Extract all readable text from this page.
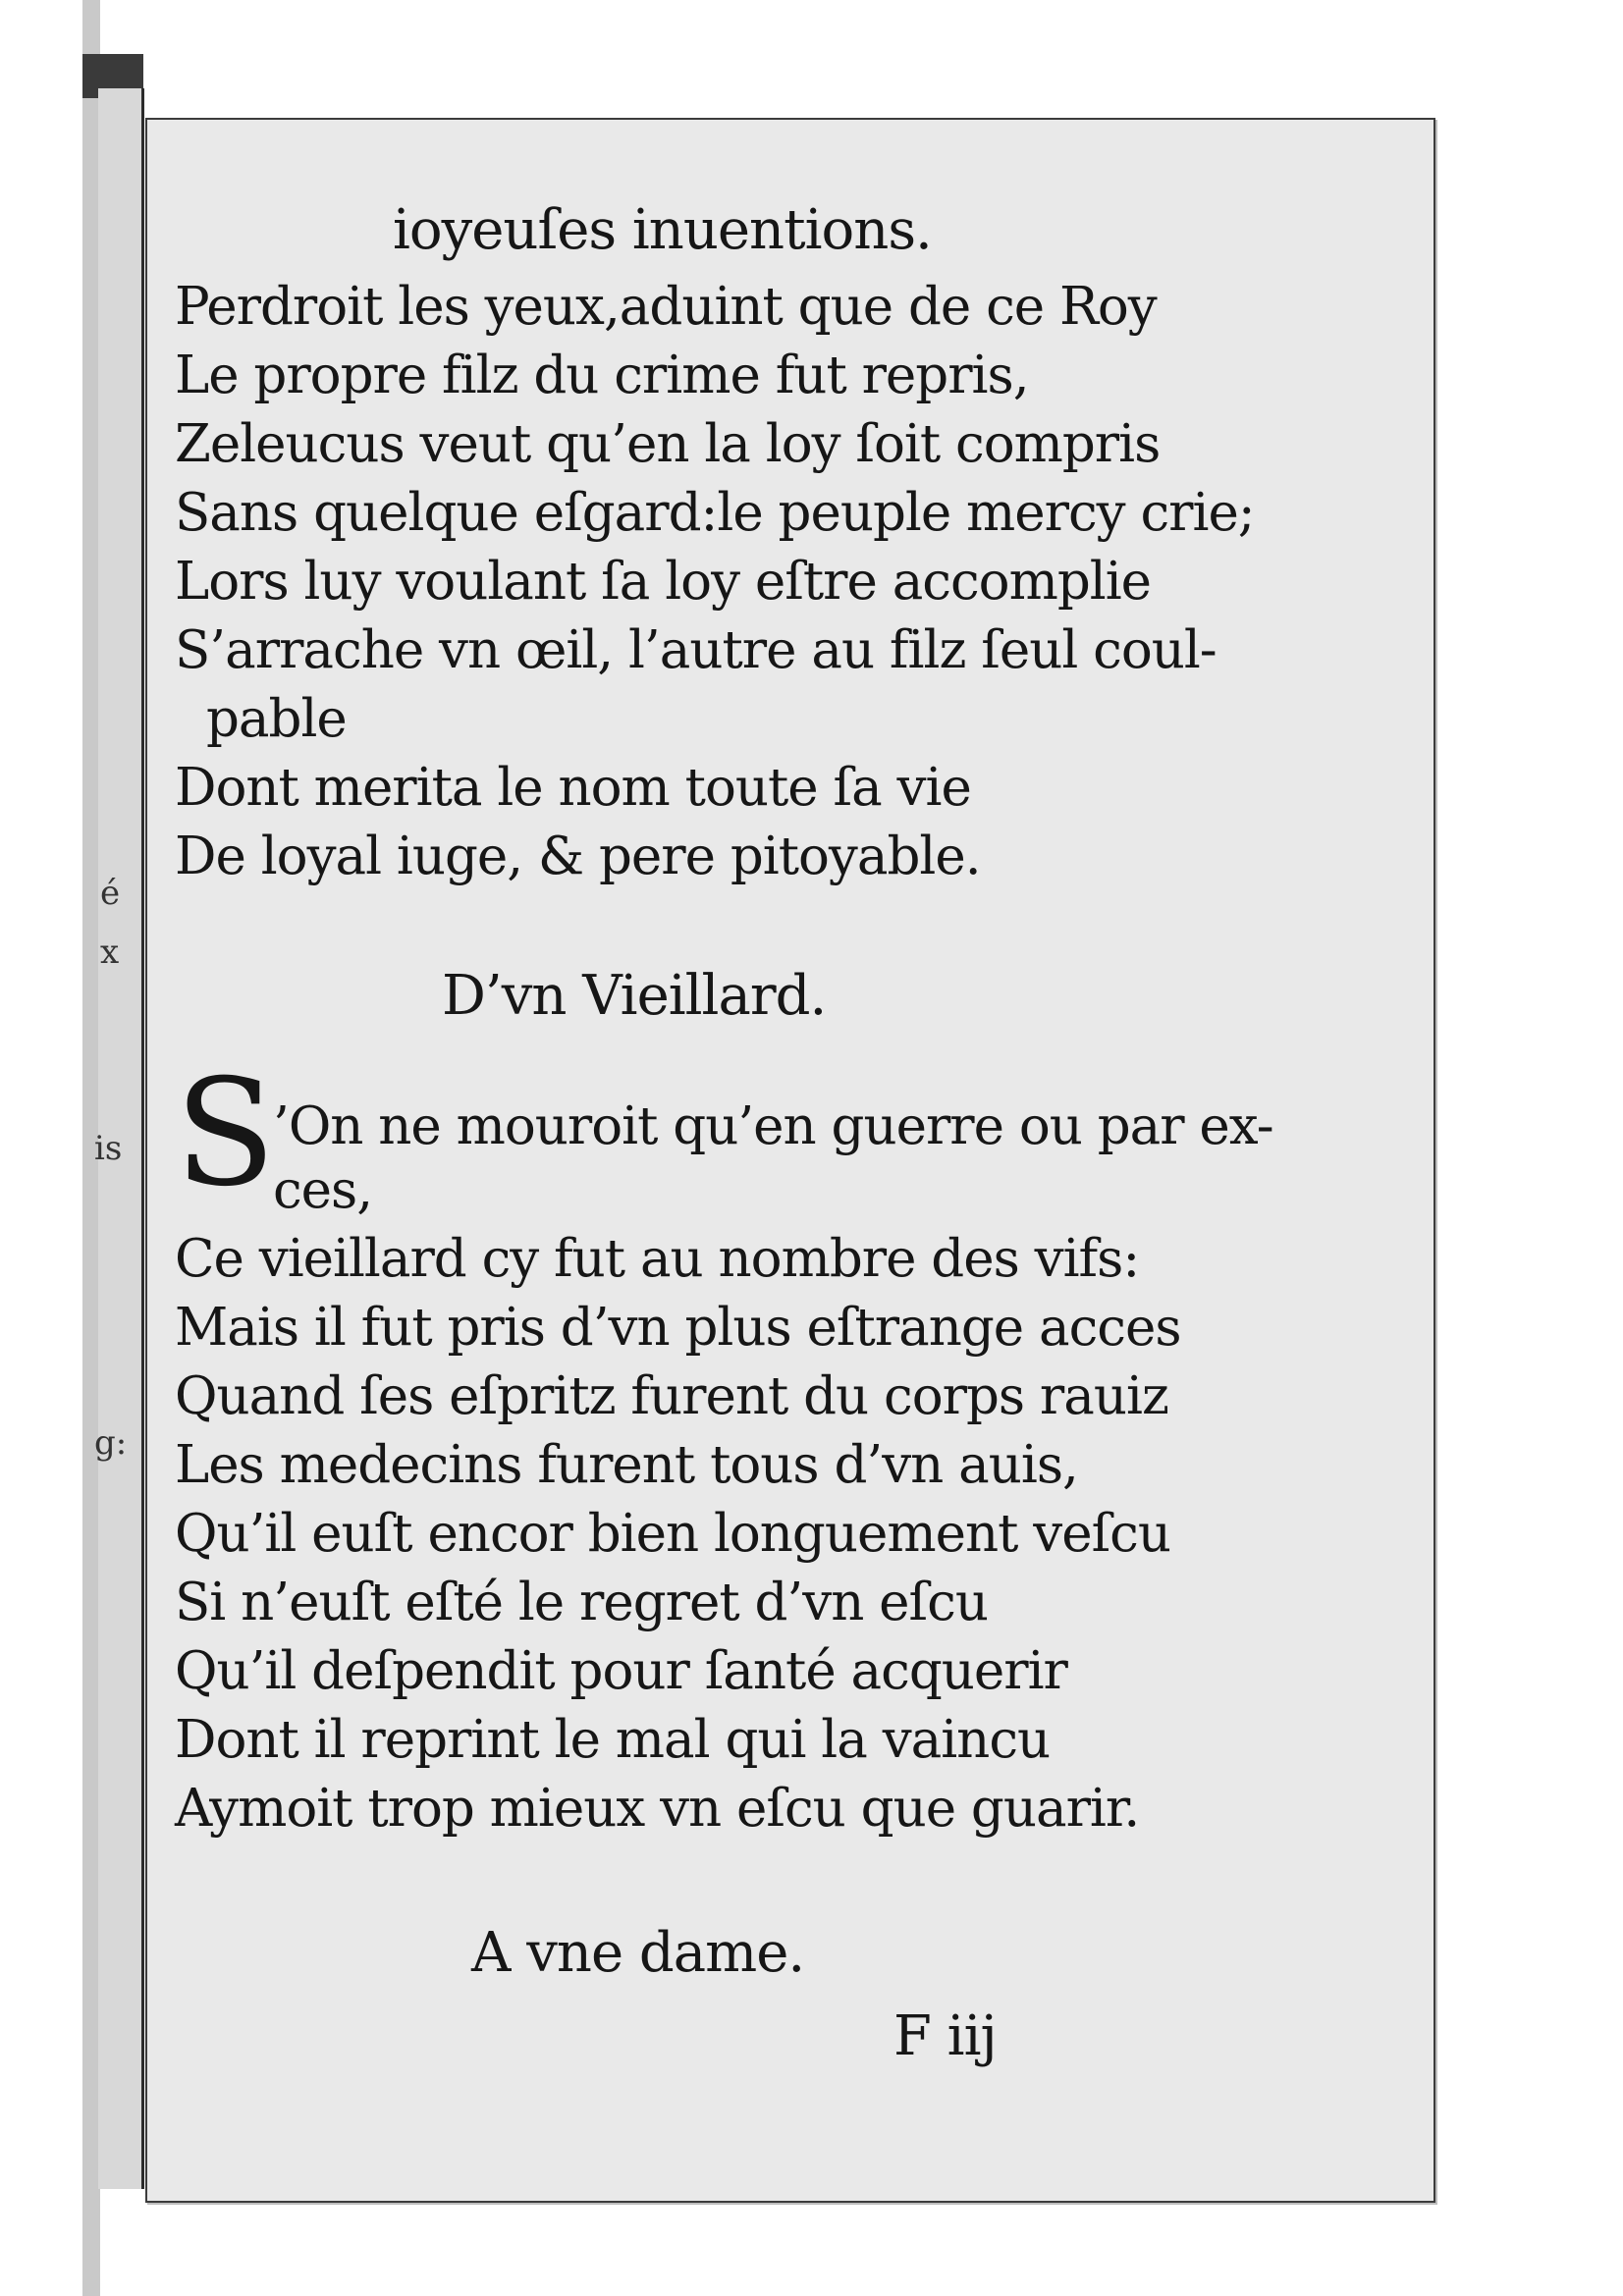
é
x
is
g:
ioyeuſes inuentions.
Perdroit les yeux,aduint que de ce Roy
Le propre filz du crime fut repris,
Zeleucus veut qu’en la loy ſoit compris
Sans quelque eſgard:le peuple mercy crie;
Lors luy voulant ſa loy eſtre accomplie
S’arrache vn œil, l’autre au filz ſeul coul-
pable
Dont merita le nom toute ſa vie
De loyal iuge, & pere pitoyable.
D’vn Vieillard.
S
’On ne mouroit qu’en guerre ou par ex-
ces,
Ce vieillard cy fut au nombre des vifs:
Mais il fut pris d’vn plus eſtrange acces
Quand ſes eſpritz furent du corps rauiz
Les medecins furent tous d’vn auis,
Qu’il euſt encor bien longuement veſcu
Si n’euſt eſté le regret d’vn eſcu
Qu’il deſpendit pour ſanté acquerir
Dont il reprint le mal qui la vaincu
Aymoit trop mieux vn eſcu que guarir.
A vne dame.
F iij
